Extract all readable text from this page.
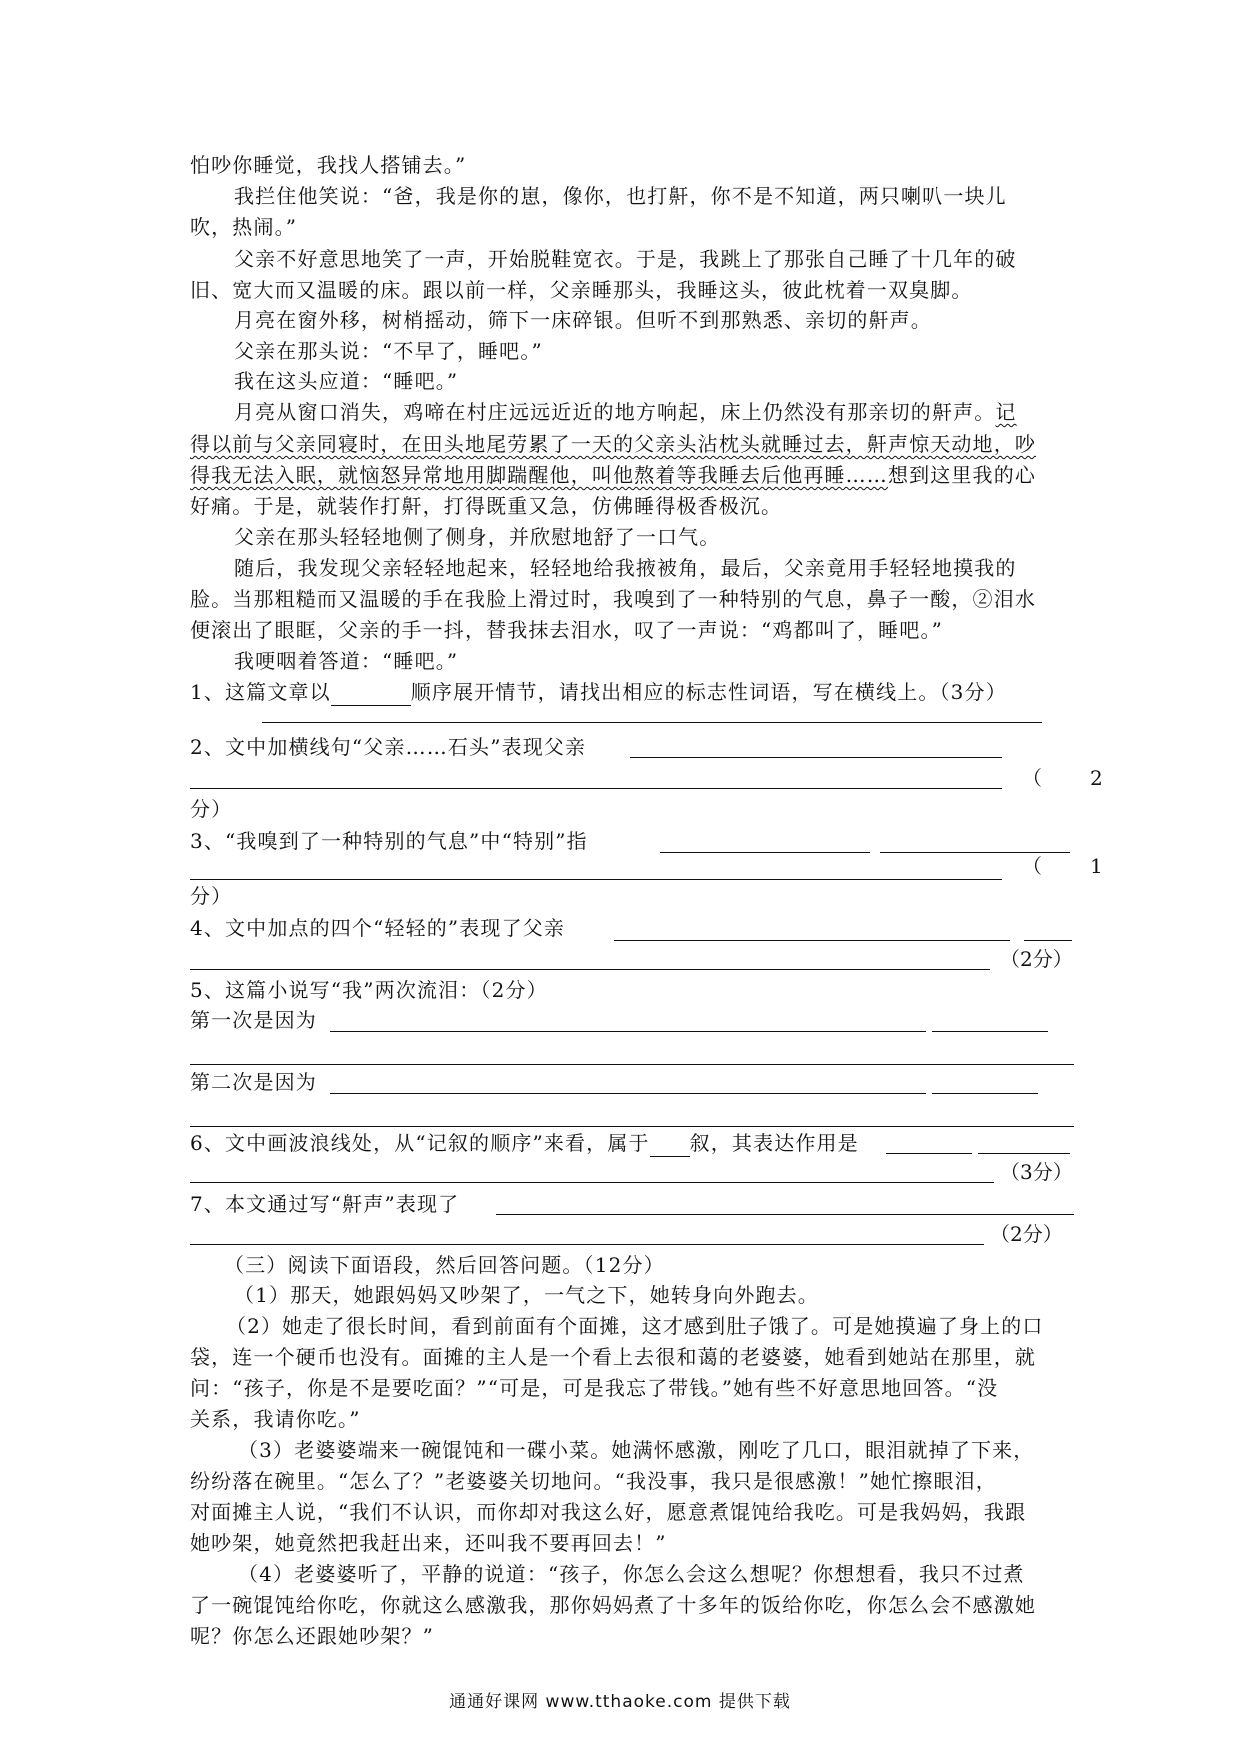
怕吵你睡觉，我找人搭铺去。”
我拦住他笑说：“爸，我是你的崽，像你，也打鼾，你不是不知道，两只喇叭一块儿
吹，热闹。”
父亲不好意思地笑了一声，开始脱鞋宽衣。于是，我跳上了那张自己睡了十几年的破
旧、宽大而又温暖的床。跟以前一样，父亲睡那头，我睡这头，彼此枕着一双臭脚。
月亮在窗外移，树梢摇动，筛下一床碎银。但听不到那熟悉、亲切的鼾声。
父亲在那头说：“不早了，睡吧。”
我在这头应道：“睡吧。”
月亮从窗口消失，鸡啼在村庄远远近近的地方响起，床上仍然没有那亲切的鼾声。记
得以前与父亲同寝时，在田头地尾劳累了一天的父亲头沾枕头就睡过去，鼾声惊天动地，吵
得我无法入眠，就恼怒异常地用脚踹醒他，叫他熬着等我睡去后他再睡……想到这里我的心
好痛。于是，就装作打鼾，打得既重又急，仿佛睡得极香极沉。
父亲在那头轻轻地侧了侧身，并欣慰地舒了一口气。
随后，我发现父亲轻轻地起来，轻轻地给我掖被角，最后，父亲竟用手轻轻地摸我的
脸。当那粗糙而又温暖的手在我脸上滑过时，我嗅到了一种特别的气息，鼻子一酸，②泪水
便滚出了眼眶，父亲的手一抖，替我抹去泪水，叹了一声说：“鸡都叫了，睡吧。”
我哽咽着答道：“睡吧。”
1、这篇文章以	顺序展开情节，请找出相应的标志性词语，写在横线上。（3分）
2、文中加横线句“父亲……石头”表现父亲
（ 2
分）
3、“我嗅到了一种特别的气息”中“特别”指
（ 1
分）
4、文中加点的四个“轻轻的”表现了父亲
（2分）
5、这篇小说写“我”两次流泪：（2分）
第一次是因为
第二次是因为
6、文中画波浪线处，从“记叙的顺序”来看，属于 叙，其表达作用是
（3分）
7、本文通过写“鼾声”表现了
（2分）
（三）阅读下面语段，然后回答问题。（12分）
（1）那天，她跟妈妈又吵架了，一气之下，她转身向外跑去。
（2）她走了很长时间，看到前面有个面摊，这才感到肚子饿了。可是她摸遍了身上的口
袋，连一个硬币也没有。面摊的主人是一个看上去很和蔼的老婆婆，她看到她站在那里，就
问：“孩子，你是不是要吃面？”“可是，可是我忘了带钱。”她有些不好意思地回答。“没
关系，我请你吃。”
（3）老婆婆端来一碗馄饨和一碟小菜。她满怀感激，刚吃了几口，眼泪就掉了下来，
纷纷落在碗里。“怎么了？”老婆婆关切地问。“我没事，我只是很感激！”她忙擦眼泪，
对面摊主人说，“我们不认识，而你却对我这么好，愿意煮馄饨给我吃。可是我妈妈，我跟
她吵架，她竟然把我赶出来，还叫我不要再回去！”
（4）老婆婆听了，平静的说道：“孩子，你怎么会这么想呢？你想想看，我只不过煮
了一碗馄饨给你吃，你就这么感激我，那你妈妈煮了十多年的饭给你吃，你怎么会不感激她
呢？你怎么还跟她吵架？”
通通好课网 www.tthaoke.com 提供下载
